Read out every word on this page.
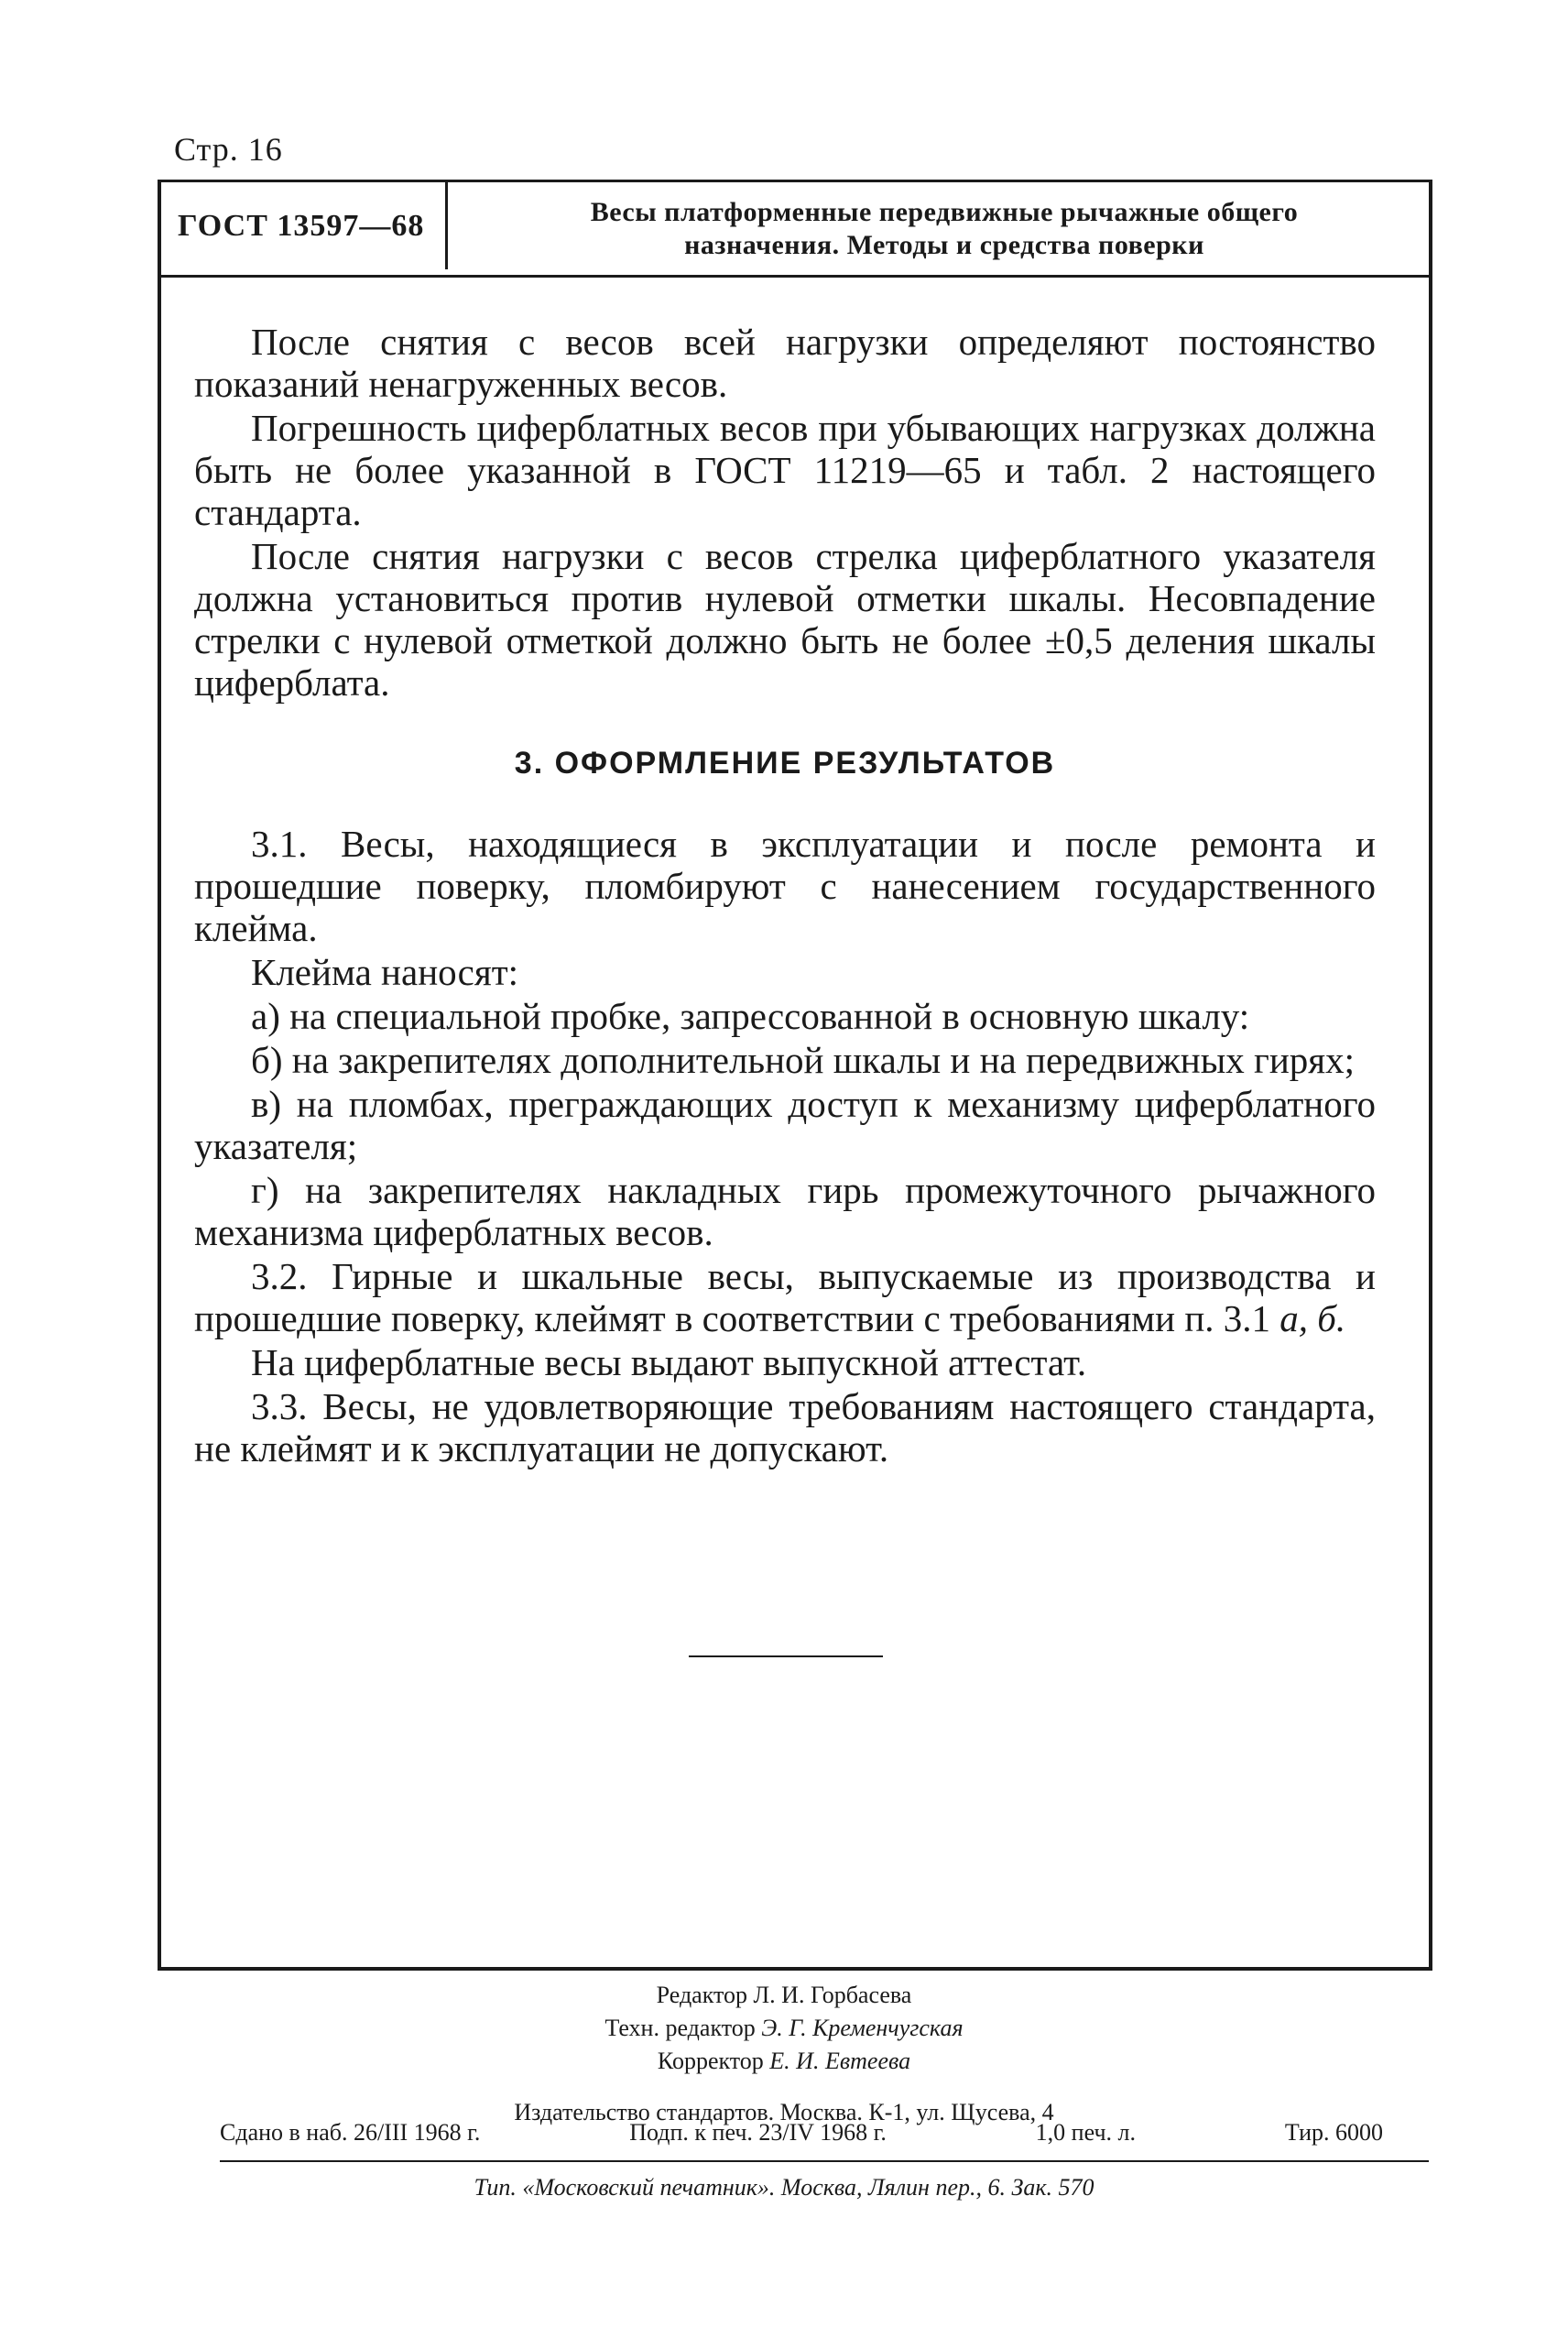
Стр. 16
ГОСТ 13597—68	Весы платформенные передвижные рычажные общего
назначения. Методы и средства поверки

После снятия с весов всей нагрузки определяют постоянство показаний ненагруженных весов.

Погрешность циферблатных весов при убывающих нагрузках должна быть не более указанной в ГОСТ 11219—65 и табл. 2 настоящего стандарта.

После снятия нагрузки с весов стрелка циферблатного указателя должна установиться против нулевой отметки шкалы. Несовпадение стрелки с нулевой отметкой должно быть не более ±0,5 деления шкалы циферблата.

3. ОФОРМЛЕНИЕ РЕЗУЛЬТАТОВ

3.1. Весы, находящиеся в эксплуатации и после ремонта и прошедшие поверку, пломбируют с нанесением государственного клейма.

Клейма наносят:

а) на специальной пробке, запрессованной в основную шкалу:

б) на закрепителях дополнительной шкалы и на передвижных гирях;

в) на пломбах, преграждающих доступ к механизму циферблатного указателя;

г) на закрепителях накладных гирь промежуточного рычажного механизма циферблатных весов.

3.2. Гирные и шкальные весы, выпускаемые из производства и прошедшие поверку, клеймят в соответствии с требованиями п. 3.1 а, б.

На циферблатные весы выдают выпускной аттестат.

3.3. Весы, не удовлетворяющие требованиям настоящего стандарта, не клеймят и к эксплуатации не допускают.

Редактор Л. И. Горбасева
Техн. редактор Э. Г. Кременчугская
Корректор Е. И. Евтеева
Издательство стандартов. Москва. К-1, ул. Щусева, 4
Сдано в наб. 26/III 1968 г.	Подп. к печ. 23/IV 1968 г.	1,0 печ. л.	Тир. 6000
Тип. «Московский печатник». Москва, Лялин пер., 6. Зак. 570
